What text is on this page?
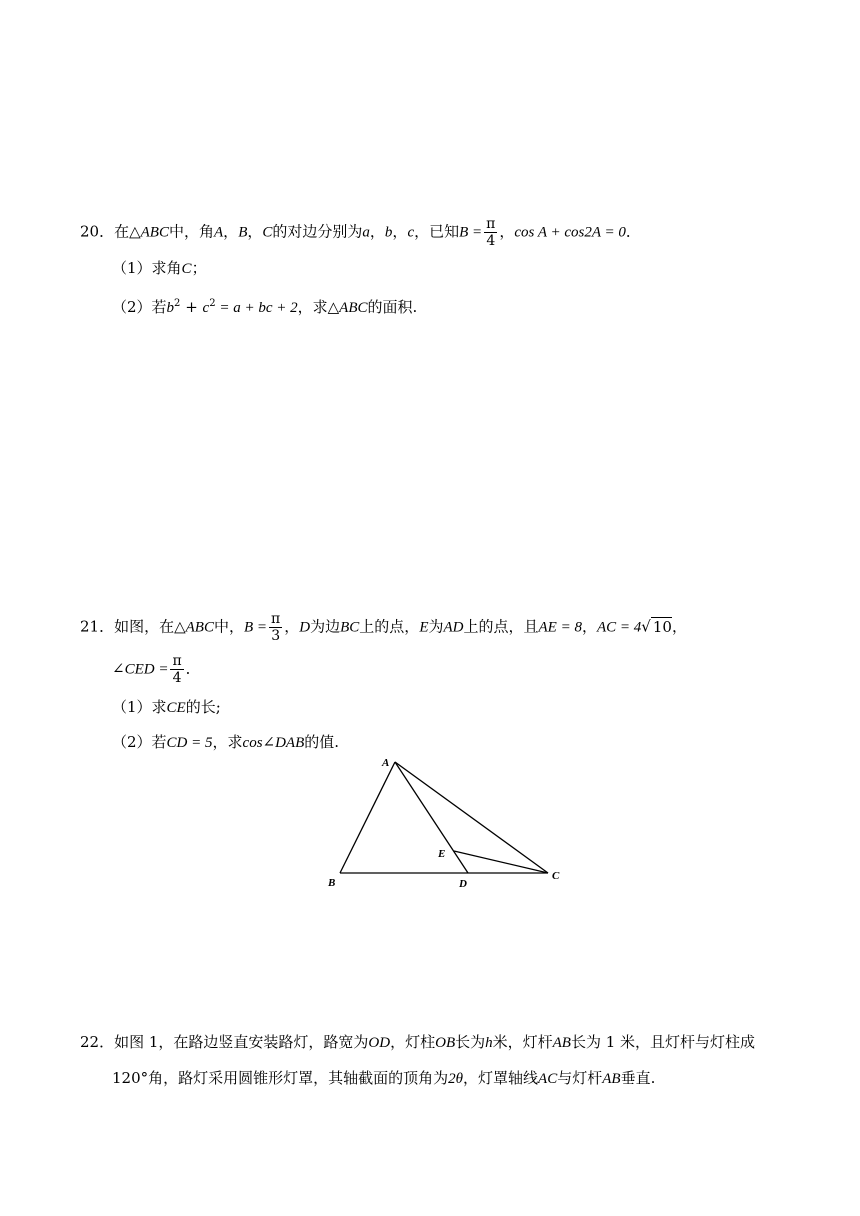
20．在△ABC中，角A，B，C的对边分别为a，b，c，已知$B = \frac{\pi}{4}$ ，cos A + cos2A = 0．
（1）求角C；
（2）若$b^2 + c^2 = a$ + bc + 2，求△ABC的面积.
21．如图，在△ABC中，$B = \frac{\pi}{3}$ ，D为边BC上的点，E为AD上的点，且AE = 8，AC = 4√ 10，
∠CED = $\frac{\pi}{4}$ ．
（1）求CE的长;
（2）若CD = 5，求cos∠DAB的值.
A
B
C
D
E
22．如图 1，在路边竖直安装路灯，路宽为OD，灯柱OB长为h米，灯杆AB长为 1 米，且灯杆与灯柱成
120°角，路灯采用圆锥形灯罩，其轴截面的顶角为2θ，灯罩轴线AC与灯杆AB垂直.
